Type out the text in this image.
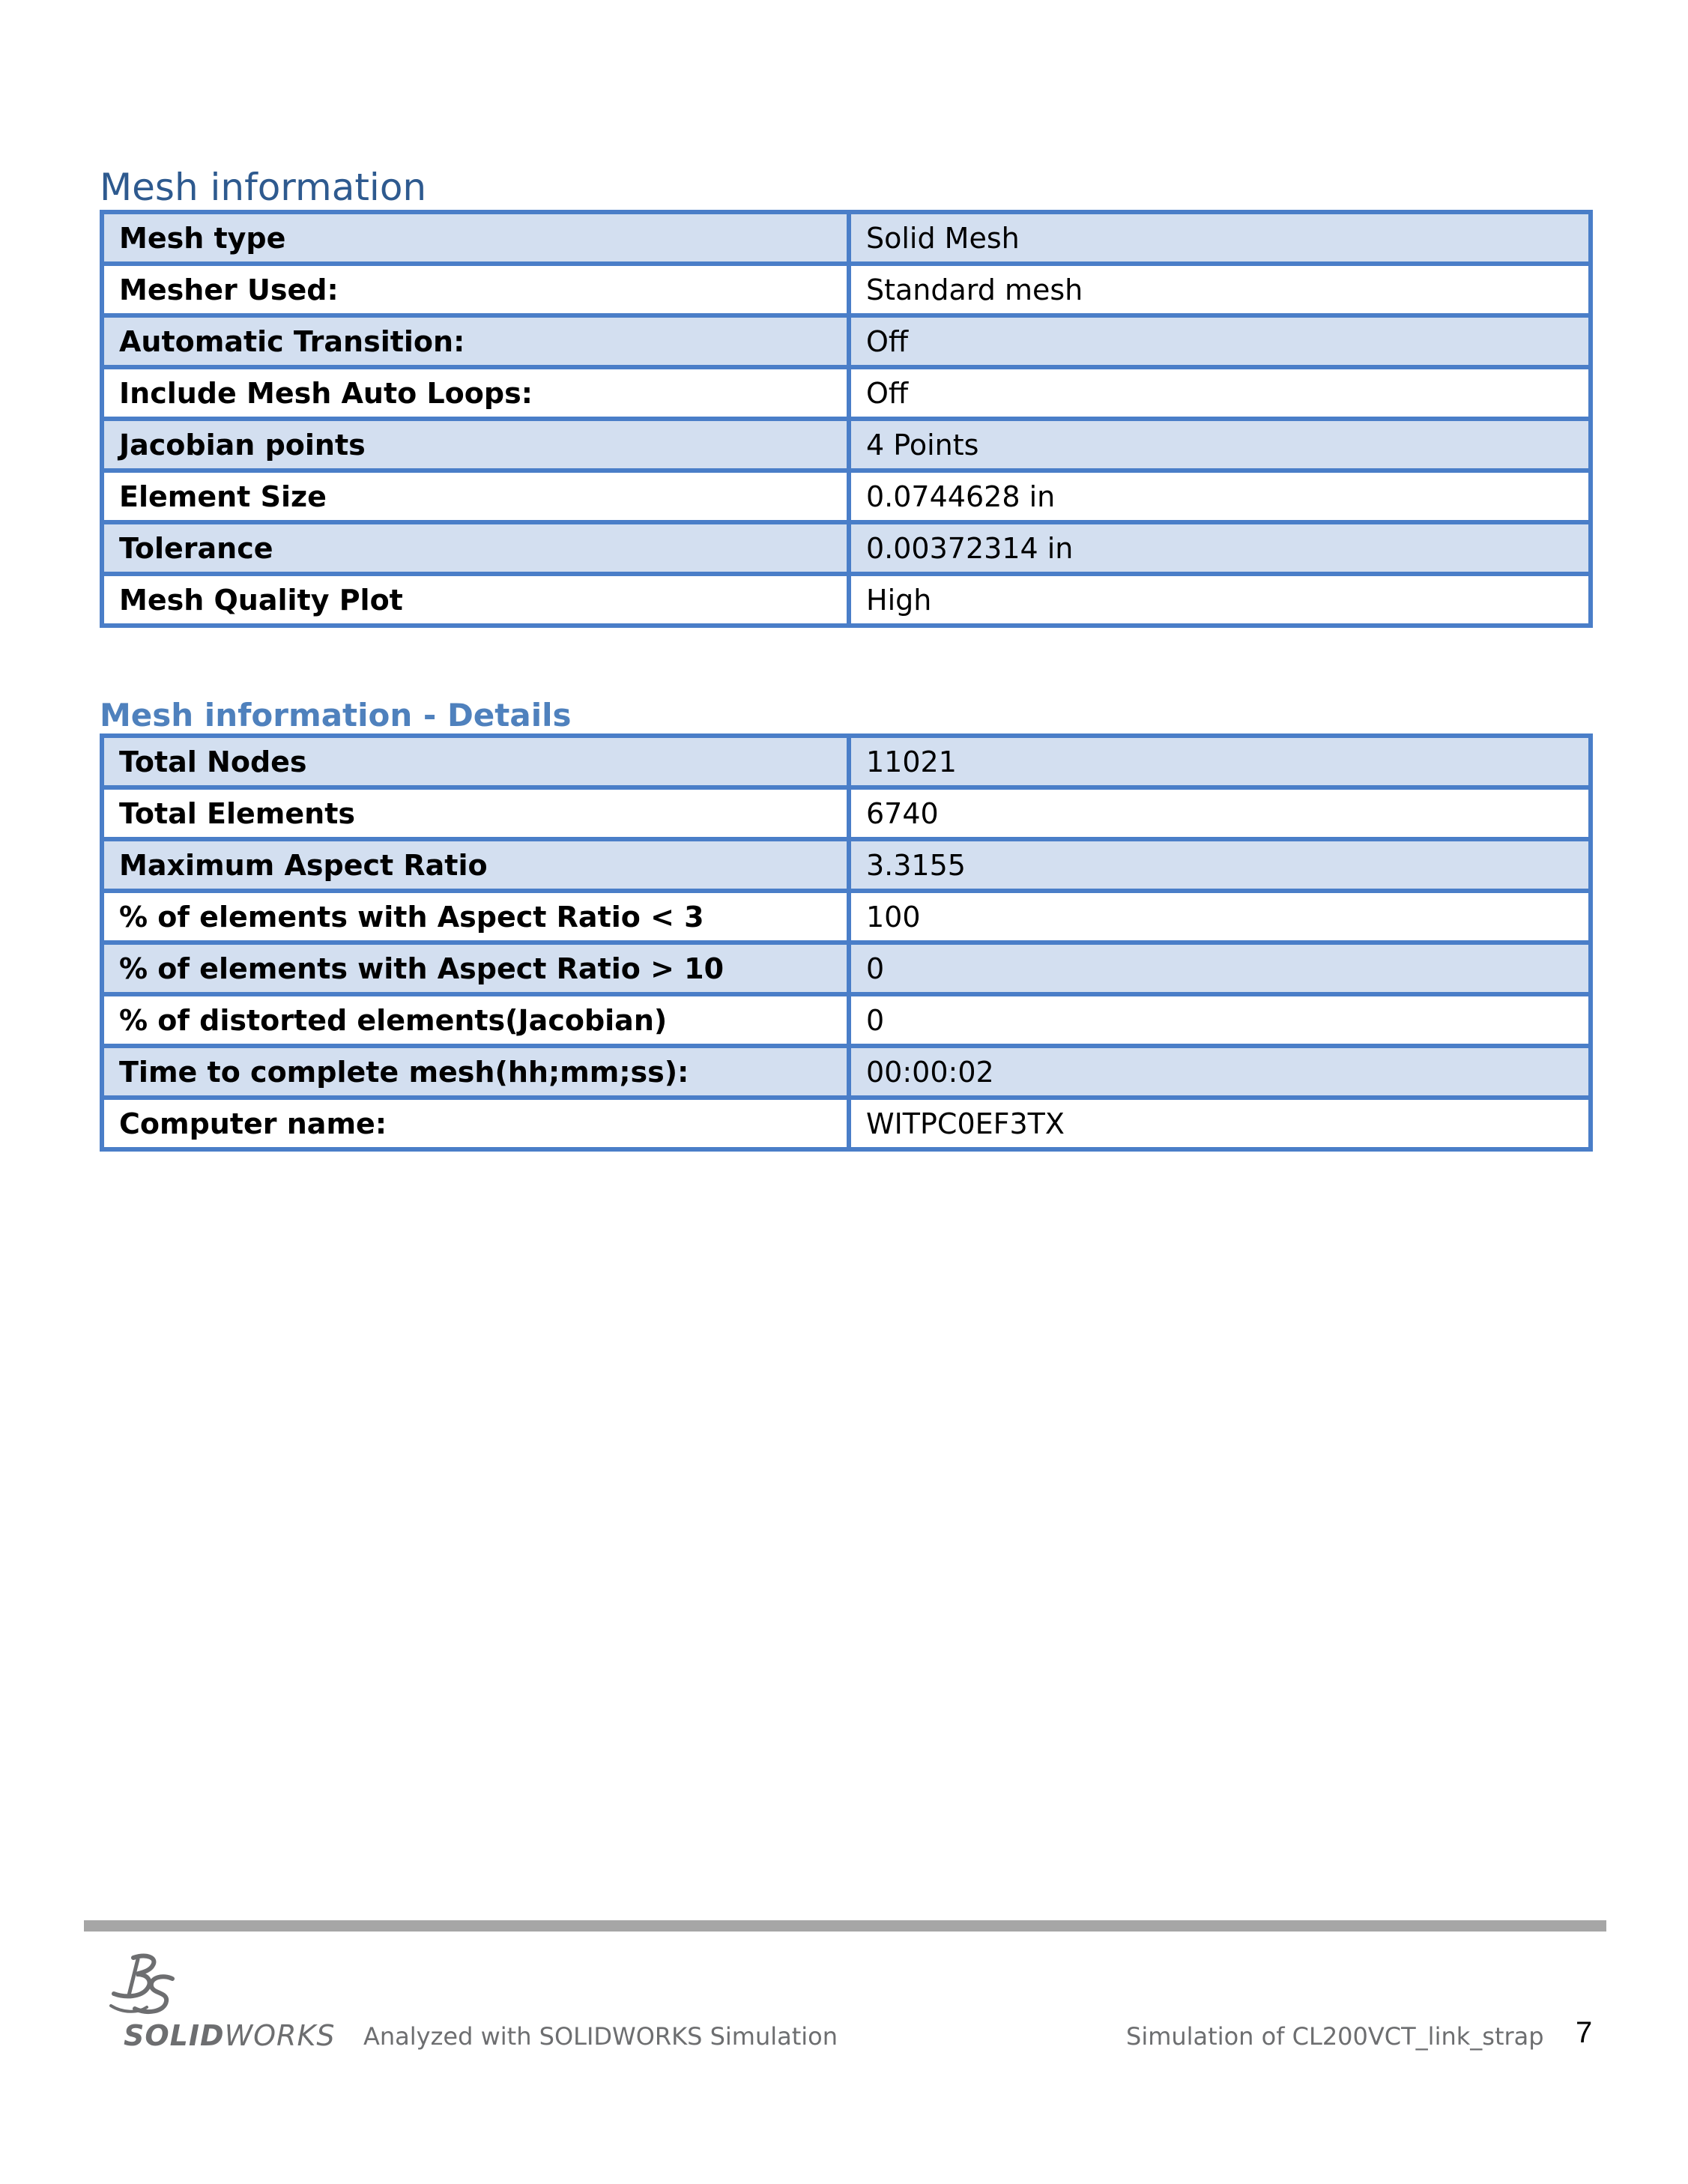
Mesh information
Mesh type	Solid Mesh
Mesher Used:	Standard mesh
Automatic Transition:	Off
Include Mesh Auto Loops:	Off
Jacobian points	4 Points
Element Size	0.0744628 in
Tolerance	0.00372314 in
Mesh Quality Plot	High
Mesh information - Details
Total Nodes	11021
Total Elements	6740
Maximum Aspect Ratio	3.3155
% of elements with Aspect Ratio < 3	100
% of elements with Aspect Ratio > 10	0
% of distorted elements(Jacobian)	0
Time to complete mesh(hh;mm;ss):	00:00:02
Computer name:	WITPC0EF3TX
SOLIDWORKS Analyzed with SOLIDWORKS Simulation	Simulation of CL200VCT_link_strap 7
